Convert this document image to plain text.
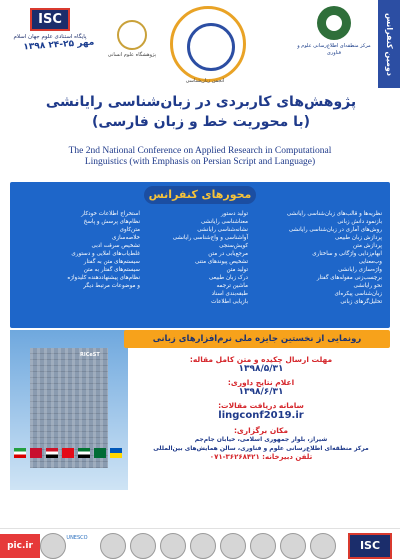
دومین کنفرانس ملی
مرکز منطقه‌ای اطلاع‌رسانی علوم و فناوری
انجمن زبان‌شناسی
پژوهشگاه علوم انسانی
ISC
پایگاه استنادی علوم جهان اسلام
۱۳۹۸ مهر ۲۵-۲۴
پژوهش‌های کاربردی در زبان‌شناسی رایانشی
(با محوریت خط و زبان فارسی)
The 2nd National Conference on Applied Research in Computational
Linguistics (with Emphasis on Persian Script and Language)
محورهای کنفرانس
نظریه‌ها و قالب‌های زبان‌شناسی رایانشی
بازنمود دانش زبانی
روش‌های آماری در زبان‌شناسی رایانشی
پردازش زبان طبیعی
پردازش متن
ابهام‌زدایی واژگانی و ساختاری
وب‌معنایی
واژه‌سازی رایانشی
برچسب‌زنی مقوله‌های گفتار
نحو رایانشی
زبان‌شناسی پیکره‌ای
تحلیل‌گرهای زبانی
تولید دستور
معناشناسی رایانشی
نشانه‌شناسی رایانشی
آواشناسی و واج‌شناسی رایانشی
کویش‌سنجی
مرجع‌یابی در متن
تشخیص پیوندهای متنی
تولید متن
درک زبان طبیعی
ماشین ترجمه
طبقه‌بندی اسناد
بازیابی اطلاعات
استخراج اطلاعات خودکار
نظام‌های پرسش و پاسخ
متن‌کاوی
خلاصه‌سازی
تشخیص سرقت ادبی
غلط‌یاب‌های املایی و دستوری
سیستم‌های متن به گفتار
سیستم‌های گفتار به متن
نظام‌های پیشنهاددهنده کلیدواژه
و موضوعات مرتبط دیگر
RICeST
رونمایی از نخستین جایزه ملی نرم‌افزارهای زبانی
مهلت ارسال چکیده و متن کامل مقاله:
۱۳۹۸/۵/۳۱
اعلام نتایج داوری:
۱۳۹۸/۶/۳۱
سامانه دریافت مقالات:
lingconf2019.ir
مکان برگزاری:
شیراز، بلوار جمهوری اسلامی، خیابان جام‌جم
مرکز منطقه‌ای اطلاع‌رسانی علوم و فناوری، سالن همایش‌های بین‌المللی
تلفن دبیرخانه: ۳۶۲۶۸۴۲۱-۰۷۱
UNESCO
ISC
pic.ir
